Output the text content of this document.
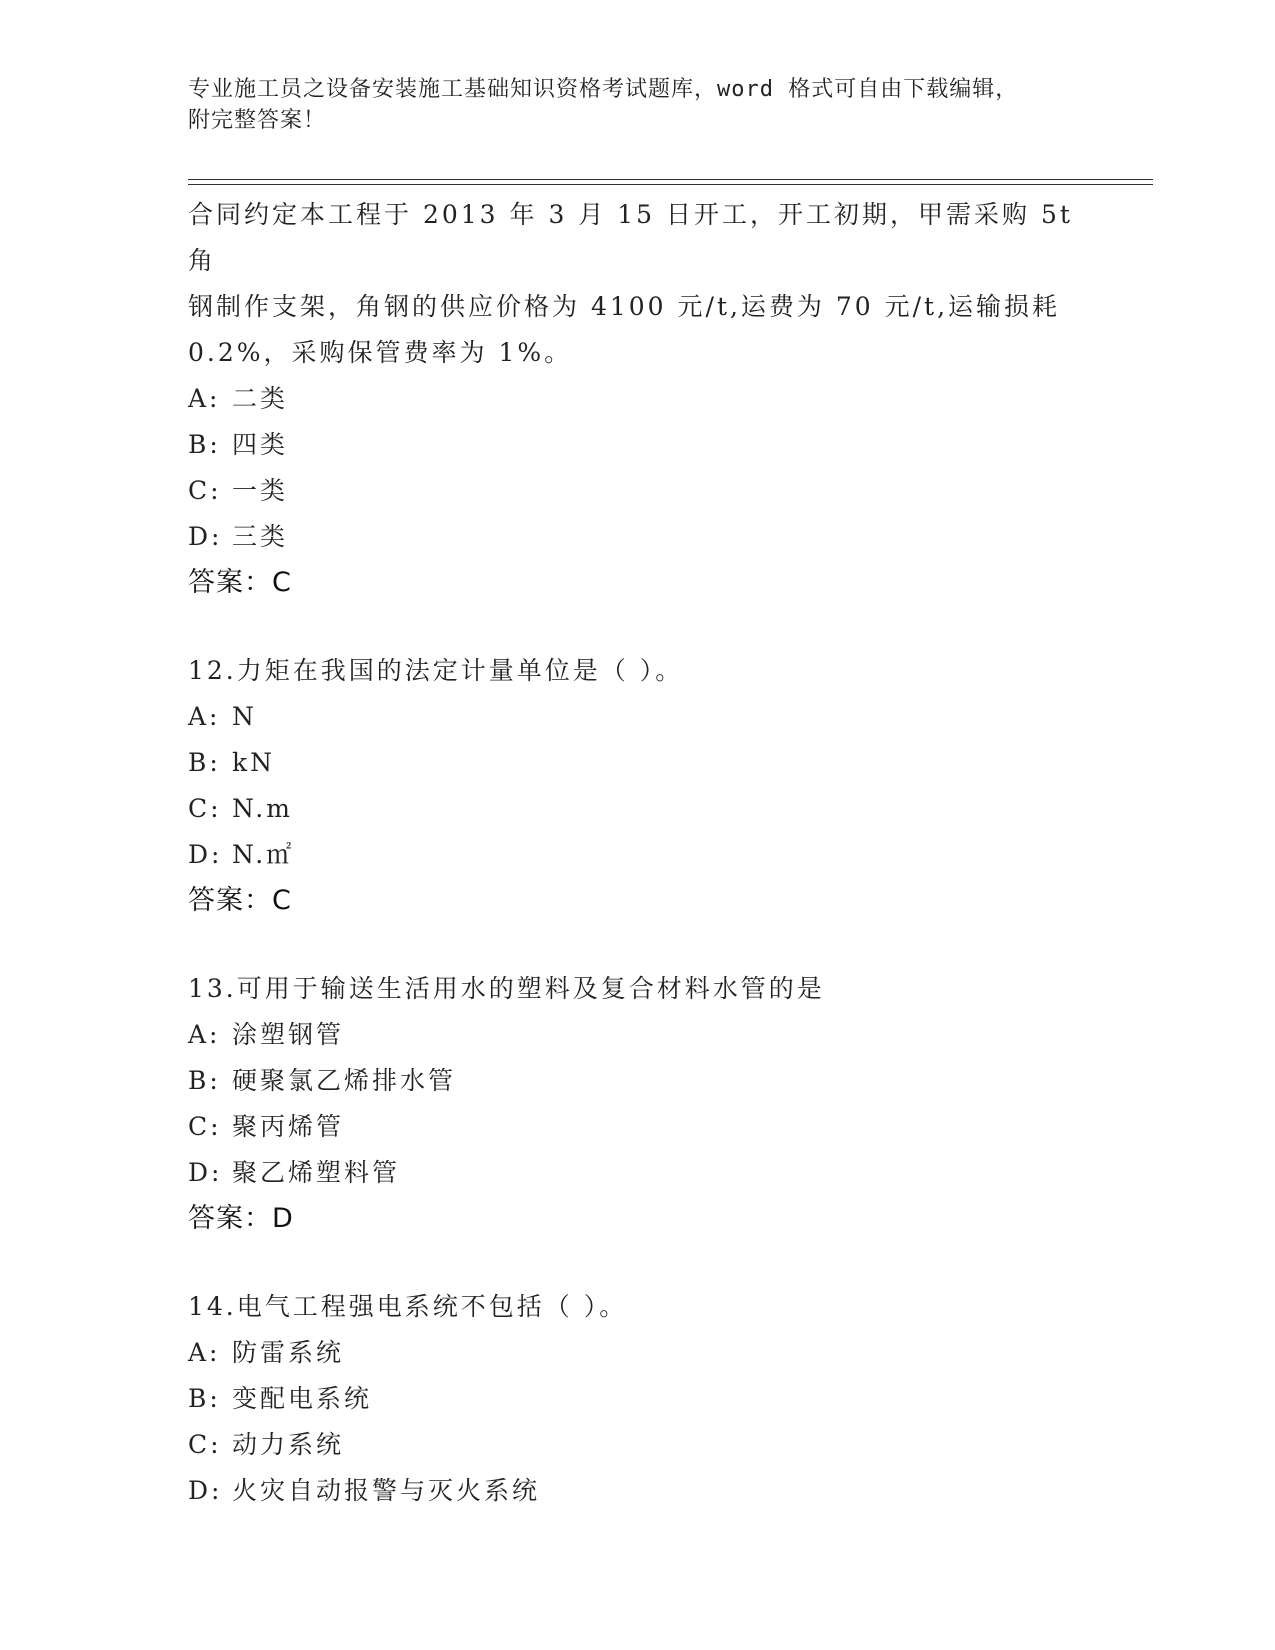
专业施工员之设备安装施工基础知识资格考试题库，word 格式可自由下载编辑，
附完整答案！
合同约定本工程于 2013 年 3 月 15 日开工，开工初期，甲需采购 5t 角
钢制作支架，角钢的供应价格为 4100 元/t,运费为 70 元/t,运输损耗
0.2%，采购保管费率为 1%。
A: 二类
B: 四类
C: 一类
D: 三类
答案：C
12.力矩在我国的法定计量单位是（ ）。
A: N
B: kN
C: N.m
D: N.㎡
答案：C
13.可用于输送生活用水的塑料及复合材料水管的是
A: 涂塑钢管
B: 硬聚氯乙烯排水管
C: 聚丙烯管
D: 聚乙烯塑料管
答案：D
14.电气工程强电系统不包括（ ）。
A: 防雷系统
B: 变配电系统
C: 动力系统
D: 火灾自动报警与灭火系统
